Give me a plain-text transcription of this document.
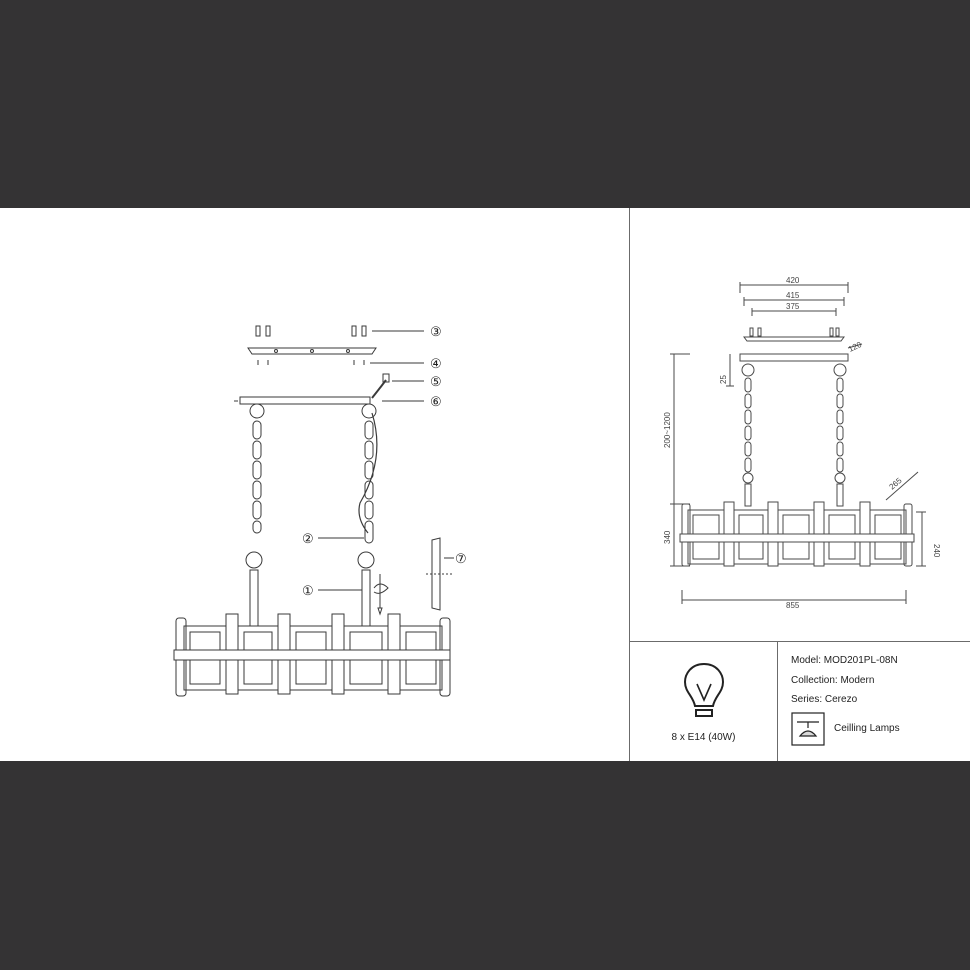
③
④
⑤
⑥
②
①
⑦
420
415
375
120
25
200~1200
340
240
265
855
8 x E14 (40W)
Model: MOD201PL-08N
Collection: Modern
Series: Cerezo
Ceilling Lamps
